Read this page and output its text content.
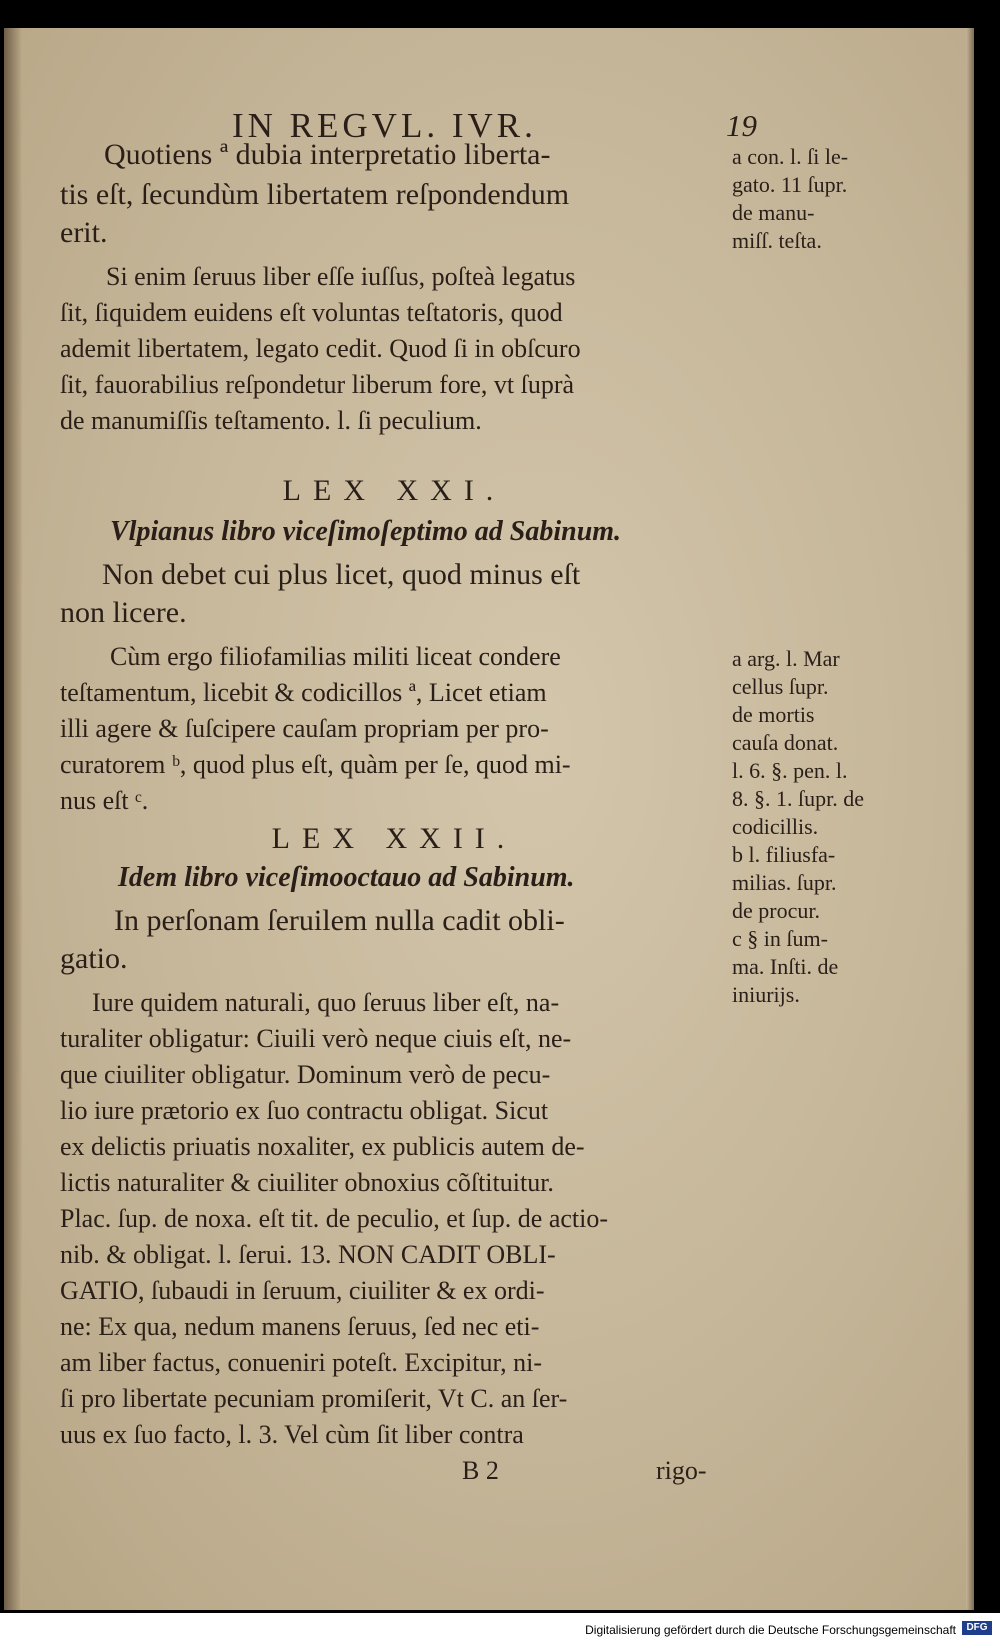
IN REGVL. IVR.	19
Quotiens ª dubia interpretatio liberta-
tis eſt, ſecundùm libertatem reſpondendum
erit.
Si enim ſeruus liber eſſe iuſſus, poſteà legatus
ſit, ſiquidem euidens eſt voluntas teſtatoris, quod
ademit libertatem, legato cedit. Quod ſi in obſcuro
ſit, fauorabilius reſpondetur liberum fore, vt ſuprà
de manumiſſis teſtamento. l. ſi peculium.
LEX XXI.
Vlpianus libro viceſimoſeptimo ad Sabinum.
Non debet cui plus licet, quod minus eſt
non licere.
Cùm ergo filiofamilias militi liceat condere
teſtamentum, licebit & codicillos ª, Licet etiam
illi agere & ſuſcipere cauſam propriam per pro-
curatorem ᵇ, quod plus eſt, quàm per ſe, quod mi-
nus eſt ᶜ.
LEX XXII.
Idem libro viceſimooctauo ad Sabinum.
In perſonam ſeruilem nulla cadit obli-
gatio.
Iure quidem naturali, quo ſeruus liber eſt, na-
turaliter obligatur: Ciuili verò neque ciuis eſt, ne-
que ciuiliter obligatur. Dominum verò de pecu-
lio iure prætorio ex ſuo contractu obligat. Sicut
ex delictis priuatis noxaliter, ex publicis autem de-
lictis naturaliter & ciuiliter obnoxius cõſtituitur.
Plac. ſup. de noxa. eſt tit. de peculio, et ſup. de actio-
nib. & obligat. l. ſerui. 13. NON CADIT OBLI-
GATIO, ſubaudi in ſeruum, ciuiliter & ex ordi-
ne: Ex qua, nedum manens ſeruus, ſed nec eti-
am liber factus, conueniri poteſt. Excipitur, ni-
ſi pro libertate pecuniam promiſerit, Vt C. an ſer-
uus ex ſuo facto, l. 3. Vel cùm ſit liber contra
B 2	rigo-
a con. l. ſi le-
gato. 11 ſupr.
de manu-
miſſ. teſta.
a arg. l. Mar
cellus ſupr.
de mortis
cauſa donat.
l. 6. §. pen. l.
8. §. 1. ſupr. de
codicillis.
b l. filiusfa-
milias. ſupr.
de procur.
c § in ſum-
ma. Inſti. de
iniurijs.
Digitalisierung gefördert durch die Deutsche Forschungsgemeinschaft	DFG
